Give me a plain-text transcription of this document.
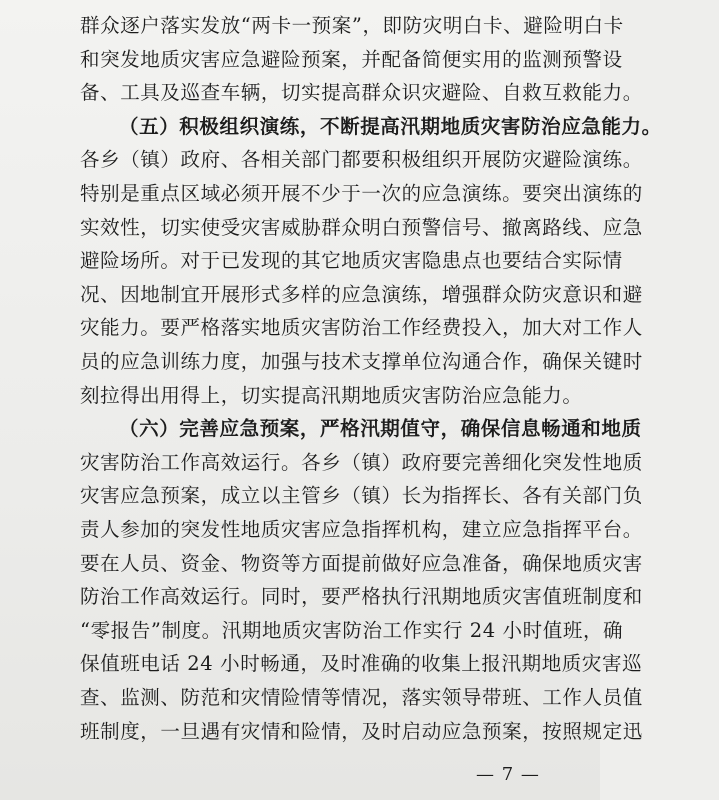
群众逐户落实发放“两卡一预案”，即防灾明白卡、避险明白卡
和突发地质灾害应急避险预案，并配备简便实用的监测预警设
备、工具及巡查车辆，切实提高群众识灾避险、自救互救能力。
（五）积极组织演练，不断提高汛期地质灾害防治应急能力。
各乡（镇）政府、各相关部门都要积极组织开展防灾避险演练。
特别是重点区域必须开展不少于一次的应急演练。要突出演练的
实效性，切实使受灾害威胁群众明白预警信号、撤离路线、应急
避险场所。对于已发现的其它地质灾害隐患点也要结合实际情
况、因地制宜开展形式多样的应急演练，增强群众防灾意识和避
灾能力。要严格落实地质灾害防治工作经费投入，加大对工作人
员的应急训练力度，加强与技术支撑单位沟通合作，确保关键时
刻拉得出用得上，切实提高汛期地质灾害防治应急能力。
（六）完善应急预案，严格汛期值守，确保信息畅通和地质
灾害防治工作高效运行。各乡（镇）政府要完善细化突发性地质
灾害应急预案，成立以主管乡（镇）长为指挥长、各有关部门负
责人参加的突发性地质灾害应急指挥机构，建立应急指挥平台。
要在人员、资金、物资等方面提前做好应急准备，确保地质灾害
防治工作高效运行。同时，要严格执行汛期地质灾害值班制度和
“零报告”制度。汛期地质灾害防治工作实行 24 小时值班，确
保值班电话 24 小时畅通，及时准确的收集上报汛期地质灾害巡
查、监测、防范和灾情险情等情况，落实领导带班、工作人员值
班制度，一旦遇有灾情和险情，及时启动应急预案，按照规定迅
— 7 —
